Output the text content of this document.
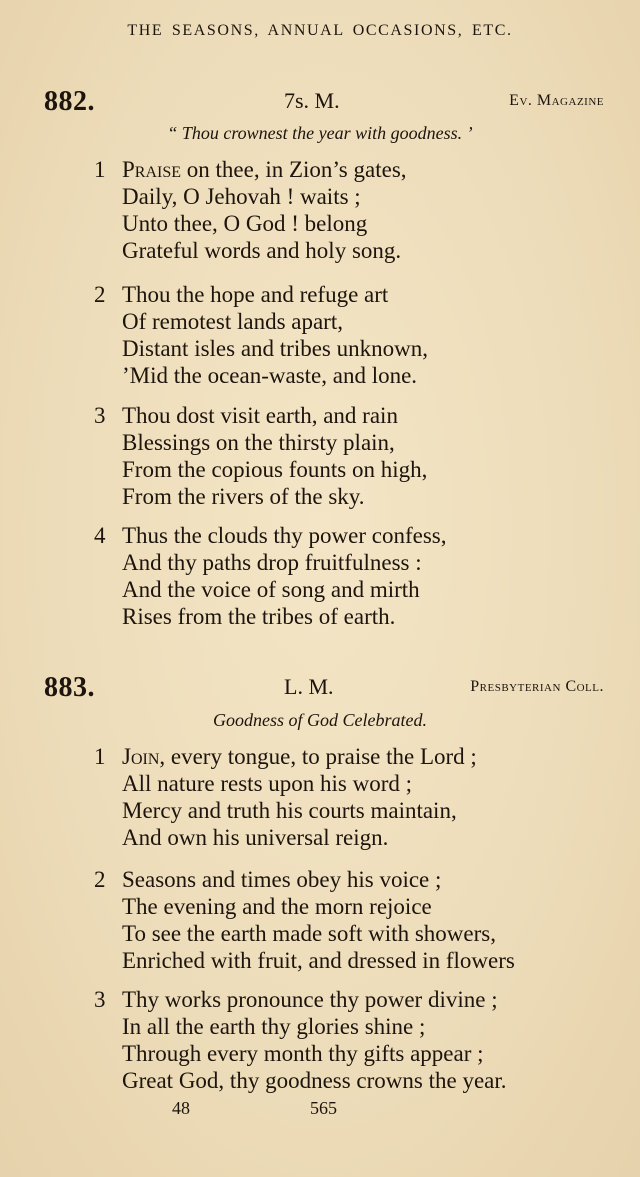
THE SEASONS, ANNUAL OCCASIONS, ETC.
882.	7s. M.	Ev. Magazine
“ Thou crownest the year with goodness. ’
1 Praise on thee, in Zion’s gates,
Daily, O Jehovah ! waits ;
Unto thee, O God ! belong
Grateful words and holy song.
2 Thou the hope and refuge art
Of remotest lands apart,
Distant isles and tribes unknown,
’Mid the ocean-waste, and lone.
3 Thou dost visit earth, and rain
Blessings on the thirsty plain,
From the copious founts on high,
From the rivers of the sky.
4 Thus the clouds thy power confess,
And thy paths drop fruitfulness :
And the voice of song and mirth
Rises from the tribes of earth.
883.	L. M.	Presbyterian Coll.
Goodness of God Celebrated.
1 Join, every tongue, to praise the Lord ;
All nature rests upon his word ;
Mercy and truth his courts maintain,
And own his universal reign.
2 Seasons and times obey his voice ;
The evening and the morn rejoice
To see the earth made soft with showers,
Enriched with fruit, and dressed in flowers
3 Thy works pronounce thy power divine ;
In all the earth thy glories shine ;
Through every month thy gifts appear ;
Great God, thy goodness crowns the year.
48	565
